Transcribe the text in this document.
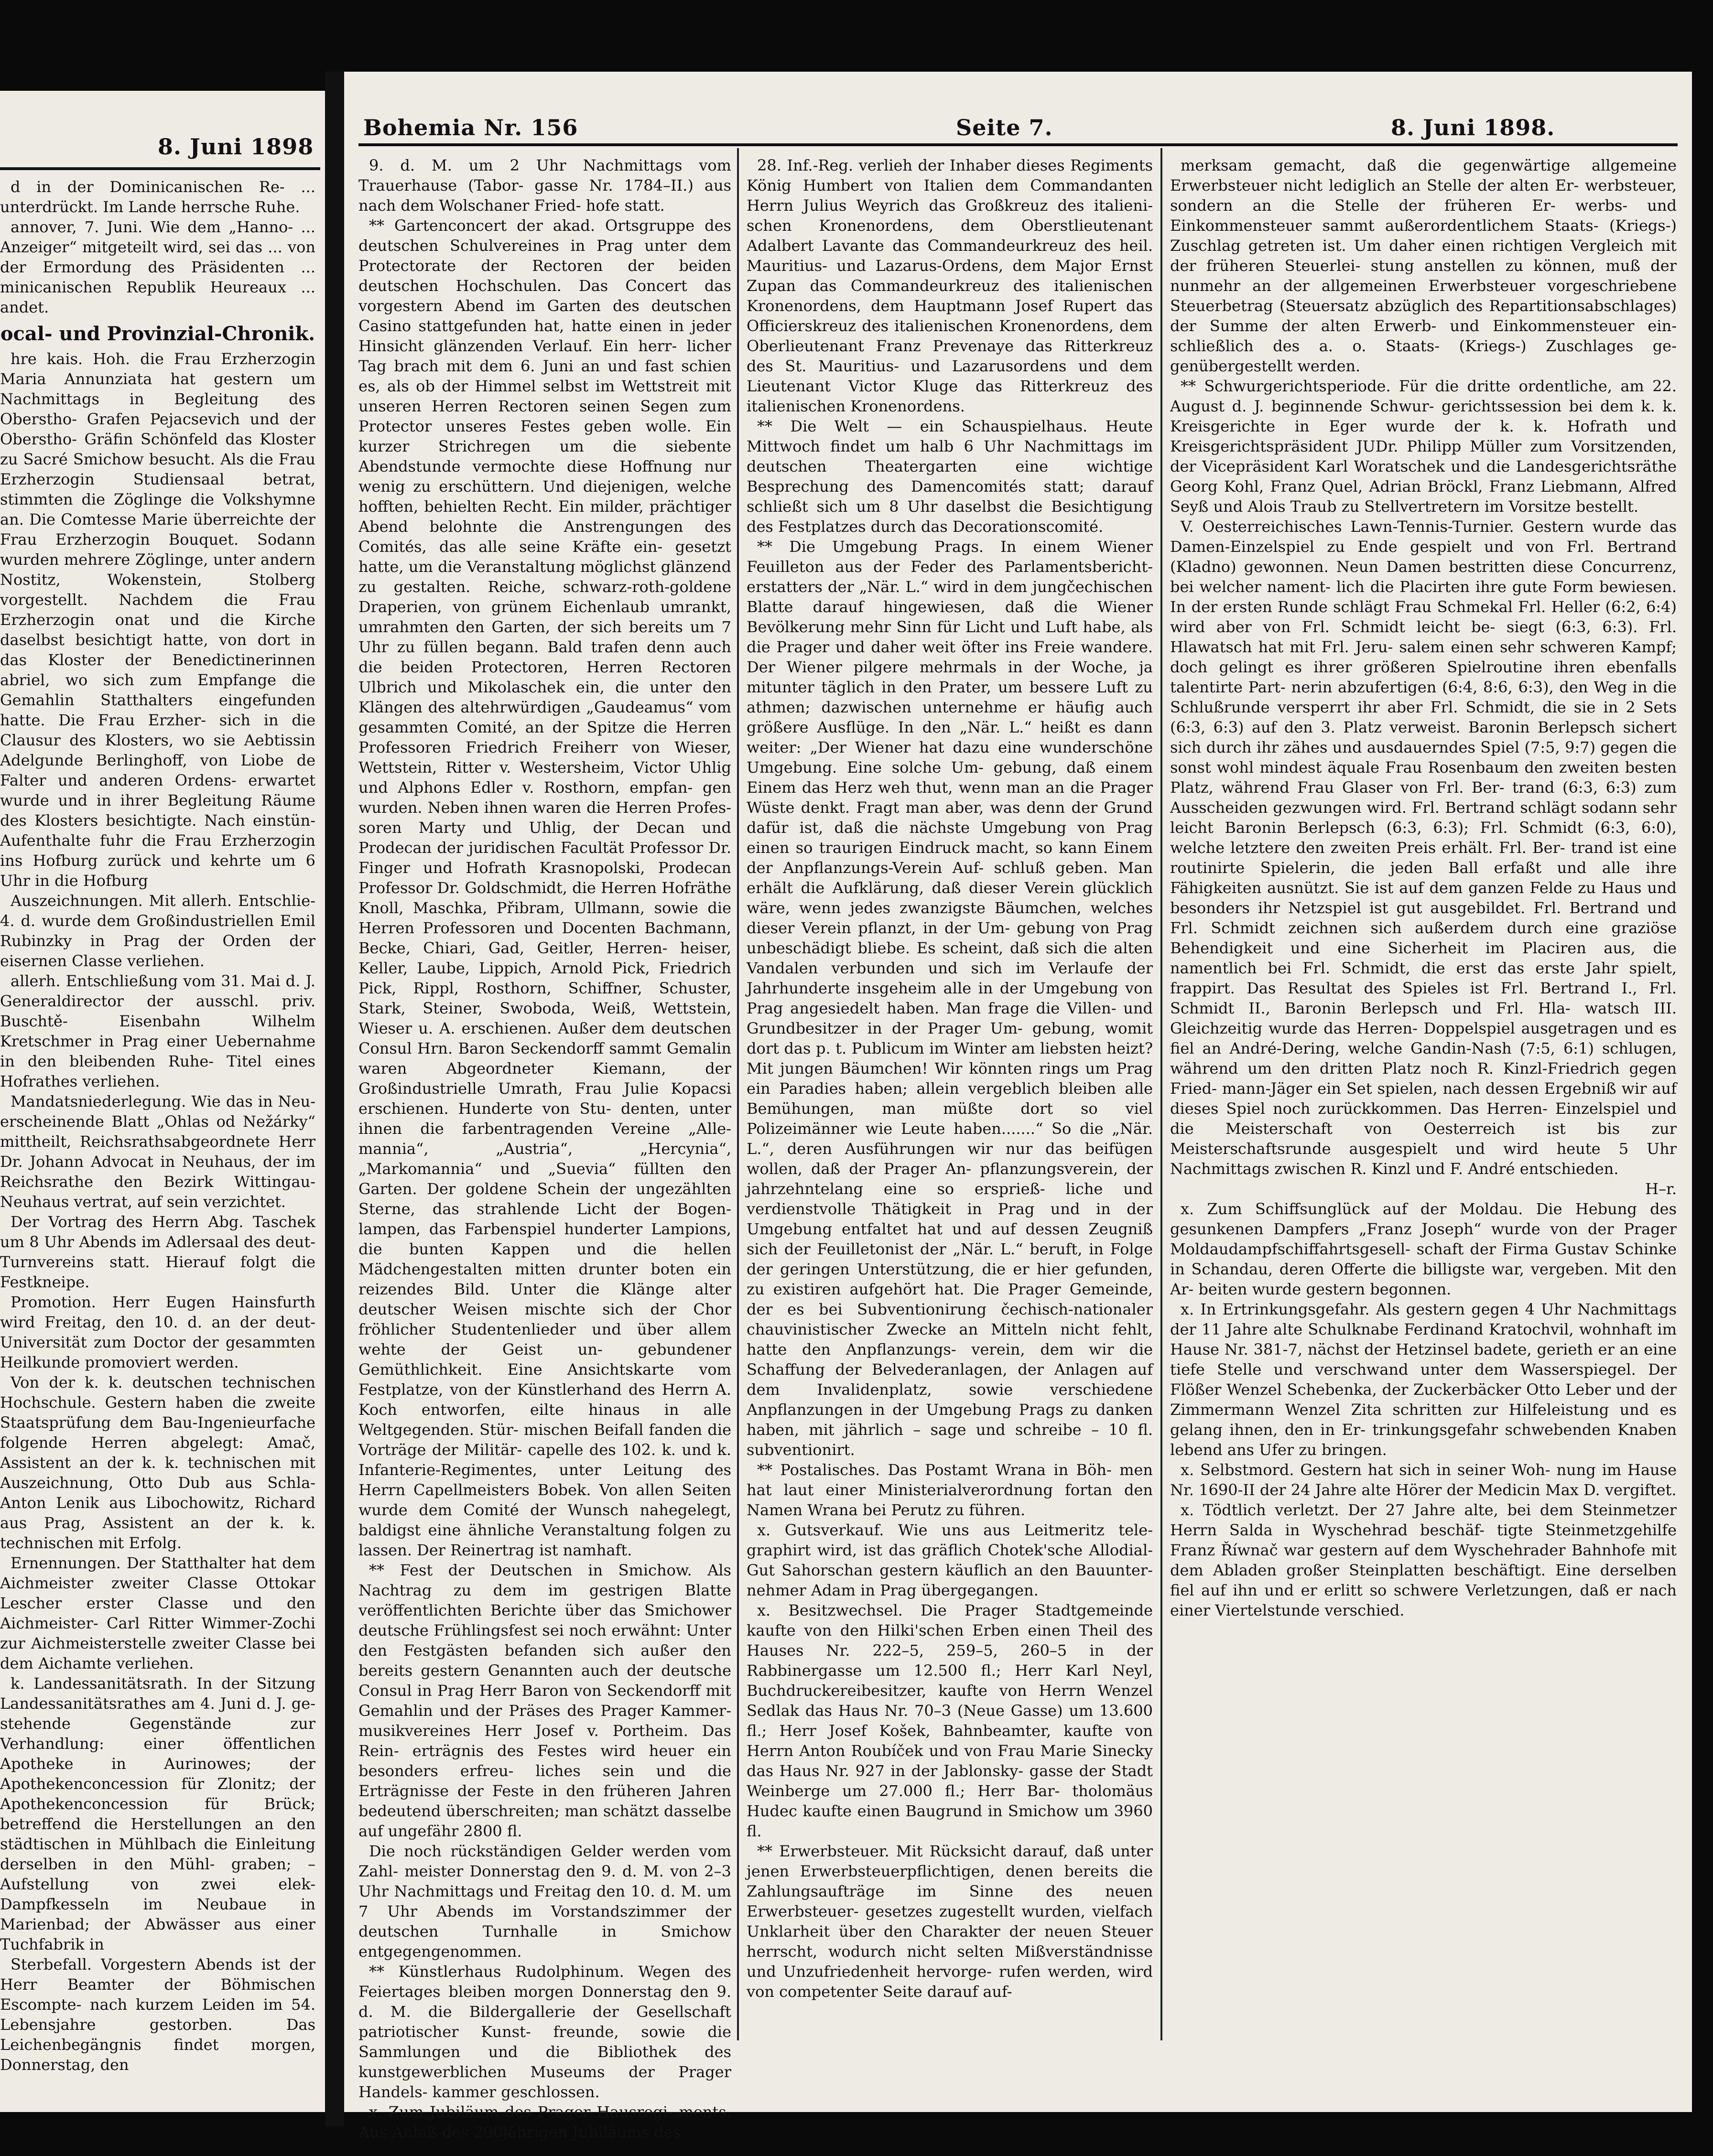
8. Juni 1898

d in der Dominicanischen Re- ... unterdrückt. Im Lande herrsche Ruhe.

annover, 7. Juni. Wie dem „Hanno- ... Anzeiger“ mitgeteilt wird, sei das ... von der Ermordung des Präsidenten ... minicanischen Republik Heureaux ... andet.

ocal- und Provinzial-Chronik.

hre kais. Hoh. die Frau Erzherzogin Maria Annunziata hat gestern um Nachmittags in Begleitung des Oberstho- Grafen Pejacsevich und der Oberstho- Gräfin Schönfeld das Kloster zu Sacré Smichow besucht. Als die Frau Erzherzogin Studiensaal betrat, stimmten die Zöglinge die Volkshymne an. Die Comtesse Marie überreichte der Frau Erzherzogin Bouquet. Sodann wurden mehrere Zöglinge, unter andern Nostitz, Wokenstein, Stolberg vorgestellt. Nachdem die Frau Erzherzogin onat und die Kirche daselbst besichtigt hatte, von dort in das Kloster der Benedictinerinnen abriel, wo sich zum Empfange die Gemahlin Statthalters eingefunden hatte. Die Frau Erzher- sich in die Clausur des Klosters, wo sie Aebtissin Adelgunde Berlinghoff, von Liobe de Falter und anderen Ordens- erwartet wurde und in ihrer Begleitung Räume des Klosters besichtigte. Nach einstün- Aufenthalte fuhr die Frau Erzherzogin ins Hofburg zurück und kehrte um 6 Uhr in die Hofburg

Auszeichnungen. Mit allerh. Entschlie- 4. d. wurde dem Großindustriellen Emil Rubinzky in Prag der Orden der eisernen Classe verliehen.

allerh. Entschließung vom 31. Mai d. J. Generaldirector der ausschl. priv. Buschtě- Eisenbahn Wilhelm Kretschmer in Prag einer Uebernahme in den bleibenden Ruhe- Titel eines Hofrathes verliehen.

Mandatsniederlegung. Wie das in Neu- erscheinende Blatt „Ohlas od Nežárky“ mittheilt, Reichsrathsabgeordnete Herr Dr. Johann Advocat in Neuhaus, der im Reichsrathe den Bezirk Wittingau-Neuhaus vertrat, auf sein verzichtet.

Der Vortrag des Herrn Abg. Taschek um 8 Uhr Abends im Adlersaal des deut- Turnvereins statt. Hierauf folgt die Festkneipe.

Promotion. Herr Eugen Hainsfurth wird Freitag, den 10. d. an der deut- Universität zum Doctor der gesammten Heilkunde promoviert werden.

Von der k. k. deutschen technischen Hochschule. Gestern haben die zweite Staatsprüfung dem Bau-Ingenieurfache folgende Herren abgelegt: Amač, Assistent an der k. k. technischen mit Auszeichnung, Otto Dub aus Schla- Anton Lenik aus Libochowitz, Richard aus Prag, Assistent an der k. k. technischen mit Erfolg.

Ernennungen. Der Statthalter hat dem Aichmeister zweiter Classe Ottokar Lescher erster Classe und den Aichmeister- Carl Ritter Wimmer-Zochi zur Aichmeisterstelle zweiter Classe bei dem Aichamte verliehen.

k. Landessanitätsrath. In der Sitzung Landessanitätsrathes am 4. Juni d. J. ge- stehende Gegenstände zur Verhandlung: einer öffentlichen Apotheke in Aurinowes; der Apothekenconcession für Zlonitz; der Apothekenconcession für Brück; betreffend die Herstellungen an den städtischen in Mühlbach die Einleitung derselben in den Mühl- graben; – Aufstellung von zwei elek- Dampfkesseln im Neubaue in Marienbad; der Abwässer aus einer Tuchfabrik in

Sterbefall. Vorgestern Abends ist der Herr Beamter der Böhmischen Escompte- nach kurzem Leiden im 54. Lebensjahre gestorben. Das Leichenbegängnis findet morgen, Donnerstag, den

Bohemia Nr. 156	Seite 7.	8. Juni 1898.

9. d. M. um 2 Uhr Nachmittags vom Trauerhause (Tabor- gasse Nr. 1784–II.) aus nach dem Wolschaner Fried- hofe statt.

** Gartenconcert der akad. Ortsgruppe des deutschen Schulvereines in Prag unter dem Protectorate der Rectoren der beiden deutschen Hochschulen. Das Concert das vorgestern Abend im Garten des deutschen Casino stattgefunden hat, hatte einen in jeder Hinsicht glänzenden Verlauf. Ein herr- licher Tag brach mit dem 6. Juni an und fast schien es, als ob der Himmel selbst im Wettstreit mit unseren Herren Rectoren seinen Segen zum Protector unseres Festes geben wolle. Ein kurzer Strichregen um die siebente Abendstunde vermochte diese Hoffnung nur wenig zu erschüttern. Und diejenigen, welche hofften, behielten Recht. Ein milder, prächtiger Abend belohnte die Anstrengungen des Comités, das alle seine Kräfte ein- gesetzt hatte, um die Veranstaltung möglichst glänzend zu gestalten. Reiche, schwarz-roth-goldene Draperien, von grünem Eichenlaub umrankt, umrahmten den Garten, der sich bereits um 7 Uhr zu füllen begann. Bald trafen denn auch die beiden Protectoren, Herren Rectoren Ulbrich und Mikolaschek ein, die unter den Klängen des altehrwürdigen „Gaudeamus“ vom gesammten Comité, an der Spitze die Herren Professoren Friedrich Freiherr von Wieser, Wettstein, Ritter v. Westersheim, Victor Uhlig und Alphons Edler v. Rosthorn, empfan- gen wurden. Neben ihnen waren die Herren Profes- soren Marty und Uhlig, der Decan und Prodecan der juridischen Facultät Professor Dr. Finger und Hofrath Krasnopolski, Prodecan Professor Dr. Goldschmidt, die Herren Hofräthe Knoll, Maschka, Přibram, Ullmann, sowie die Herren Professoren und Docenten Bachmann, Becke, Chiari, Gad, Geitler, Herren- heiser, Keller, Laube, Lippich, Arnold Pick, Friedrich Pick, Rippl, Rosthorn, Schiffner, Schuster, Stark, Steiner, Swoboda, Weiß, Wettstein, Wieser u. A. erschienen. Außer dem deutschen Consul Hrn. Baron Seckendorff sammt Gemalin waren Abgeordneter Kiemann, der Großindustrielle Umrath, Frau Julie Kopacsi erschienen. Hunderte von Stu- denten, unter ihnen die farbentragenden Vereine „Alle- mannia“, „Austria“, „Hercynia“, „Markomannia“ und „Suevia“ füllten den Garten. Der goldene Schein der ungezählten Sterne, das strahlende Licht der Bogen- lampen, das Farbenspiel hunderter Lampions, die bunten Kappen und die hellen Mädchengestalten mitten drunter boten ein reizendes Bild. Unter die Klänge alter deutscher Weisen mischte sich der Chor fröhlicher Studentenlieder und über allem wehte der Geist un- gebundener Gemüthlichkeit. Eine Ansichtskarte vom Festplatze, von der Künstlerhand des Herrn A. Koch entworfen, eilte hinaus in alle Weltgegenden. Stür- mischen Beifall fanden die Vorträge der Militär- capelle des 102. k. und k. Infanterie-Regimentes, unter Leitung des Herrn Capellmeisters Bobek. Von allen Seiten wurde dem Comité der Wunsch nahegelegt, baldigst eine ähnliche Veranstaltung folgen zu lassen. Der Reinertrag ist namhaft.

** Fest der Deutschen in Smichow. Als Nachtrag zu dem im gestrigen Blatte veröffentlichten Berichte über das Smichower deutsche Frühlingsfest sei noch erwähnt: Unter den Festgästen befanden sich außer den bereits gestern Genannten auch der deutsche Consul in Prag Herr Baron von Seckendorff mit Gemahlin und der Präses des Prager Kammer- musikvereines Herr Josef v. Portheim. Das Rein- erträgnis des Festes wird heuer ein besonders erfreu- liches sein und die Erträgnisse der Feste in den früheren Jahren bedeutend überschreiten; man schätzt dasselbe auf ungefähr 2800 fl.

Die noch rückständigen Gelder werden vom Zahl- meister Donnerstag den 9. d. M. von 2–3 Uhr Nachmittags und Freitag den 10. d. M. um 7 Uhr Abends im Vorstandszimmer der deutschen Turnhalle in Smichow entgegengenommen.

** Künstlerhaus Rudolphinum. Wegen des Feiertages bleiben morgen Donnerstag den 9. d. M. die Bildergallerie der Gesellschaft patriotischer Kunst- freunde, sowie die Sammlungen und die Bibliothek des kunstgewerblichen Museums der Prager Handels- kammer geschlossen.

x. Zum Jubiläum des Prager Hausregi- ments. Aus Anlaß des 200jährigen Jubiläums des

28. Inf.-Reg. verlieh der Inhaber dieses Regiments König Humbert von Italien dem Commandanten Herrn Julius Weyrich das Großkreuz des italieni- schen Kronenordens, dem Oberstlieutenant Adalbert Lavante das Commandeurkreuz des heil. Mauritius- und Lazarus-Ordens, dem Major Ernst Zupan das Commandeurkreuz des italienischen Kronenordens, dem Hauptmann Josef Rupert das Officierskreuz des italienischen Kronenordens, dem Oberlieutenant Franz Prevenaye das Ritterkreuz des St. Mauritius- und Lazarusordens und dem Lieutenant Victor Kluge das Ritterkreuz des italienischen Kronenordens.

** Die Welt — ein Schauspielhaus. Heute Mittwoch findet um halb 6 Uhr Nachmittags im deutschen Theatergarten eine wichtige Besprechung des Damencomités statt; darauf schließt sich um 8 Uhr daselbst die Besichtigung des Festplatzes durch das Decorationscomité.

** Die Umgebung Prags. In einem Wiener Feuilleton aus der Feder des Parlamentsbericht- erstatters der „När. L.“ wird in dem jungčechischen Blatte darauf hingewiesen, daß die Wiener Bevölkerung mehr Sinn für Licht und Luft habe, als die Prager und daher weit öfter ins Freie wandere. Der Wiener pilgere mehrmals in der Woche, ja mitunter täglich in den Prater, um bessere Luft zu athmen; dazwischen unternehme er häufig auch größere Ausflüge. In den „När. L.“ heißt es dann weiter: „Der Wiener hat dazu eine wunderschöne Umgebung. Eine solche Um- gebung, daß einem Einem das Herz weh thut, wenn man an die Prager Wüste denkt. Fragt man aber, was denn der Grund dafür ist, daß die nächste Umgebung von Prag einen so traurigen Eindruck macht, so kann Einem der Anpflanzungs-Verein Auf- schluß geben. Man erhält die Aufklärung, daß dieser Verein glücklich wäre, wenn jedes zwanzigste Bäumchen, welches dieser Verein pflanzt, in der Um- gebung von Prag unbeschädigt bliebe. Es scheint, daß sich die alten Vandalen verbunden und sich im Verlaufe der Jahrhunderte insgeheim alle in der Umgebung von Prag angesiedelt haben. Man frage die Villen- und Grundbesitzer in der Prager Um- gebung, womit dort das p. t. Publicum im Winter am liebsten heizt? Mit jungen Bäumchen! Wir könnten rings um Prag ein Paradies haben; allein vergeblich bleiben alle Bemühungen, man müßte dort so viel Polizeimänner wie Leute haben.......“ So die „När. L.“, deren Ausführungen wir nur das beifügen wollen, daß der Prager An- pflanzungsverein, der jahrzehntelang eine so ersprieß- liche und verdienstvolle Thätigkeit in Prag und in der Umgebung entfaltet hat und auf dessen Zeugniß sich der Feuilletonist der „När. L.“ beruft, in Folge der geringen Unterstützung, die er hier gefunden, zu existiren aufgehört hat. Die Prager Gemeinde, der es bei Subventionirung čechisch-nationaler chauvinistischer Zwecke an Mitteln nicht fehlt, hatte den Anpflanzungs- verein, dem wir die Schaffung der Belvederanlagen, der Anlagen auf dem Invalidenplatz, sowie verschiedene Anpflanzungen in der Umgebung Prags zu danken haben, mit jährlich – sage und schreibe – 10 fl. subventionirt.

** Postalisches. Das Postamt Wrana in Böh- men hat laut einer Ministerialverordnung fortan den Namen Wrana bei Perutz zu führen.

x. Gutsverkauf. Wie uns aus Leitmeritz tele- graphirt wird, ist das gräflich Chotek'sche Allodial- Gut Sahorschan gestern käuflich an den Bauunter- nehmer Adam in Prag übergegangen.

x. Besitzwechsel. Die Prager Stadtgemeinde kaufte von den Hilki'schen Erben einen Theil des Hauses Nr. 222–5, 259–5, 260–5 in der Rabbinergasse um 12.500 fl.; Herr Karl Neyl, Buchdruckereibesitzer, kaufte von Herrn Wenzel Sedlak das Haus Nr. 70–3 (Neue Gasse) um 13.600 fl.; Herr Josef Košek, Bahnbeamter, kaufte von Herrn Anton Roubíček und von Frau Marie Sinecky das Haus Nr. 927 in der Jablonsky- gasse der Stadt Weinberge um 27.000 fl.; Herr Bar- tholomäus Hudec kaufte einen Baugrund in Smichow um 3960 fl.

** Erwerbsteuer. Mit Rücksicht darauf, daß unter jenen Erwerbsteuerpflichtigen, denen bereits die Zahlungsaufträge im Sinne des neuen Erwerbsteuer- gesetzes zugestellt wurden, vielfach Unklarheit über den Charakter der neuen Steuer herrscht, wodurch nicht selten Mißverständnisse und Unzufriedenheit hervorge- rufen werden, wird von competenter Seite darauf auf-

merksam gemacht, daß die gegenwärtige allgemeine Erwerbsteuer nicht lediglich an Stelle der alten Er- werbsteuer, sondern an die Stelle der früheren Er- werbs- und Einkommensteuer sammt außerordentlichem Staats- (Kriegs-) Zuschlag getreten ist. Um daher einen richtigen Vergleich mit der früheren Steuerlei- stung anstellen zu können, muß der nunmehr an der allgemeinen Erwerbsteuer vorgeschriebene Steuerbetrag (Steuersatz abzüglich des Repartitionsabschlages) der Summe der alten Erwerb- und Einkommensteuer ein- schließlich des a. o. Staats- (Kriegs-) Zuschlages ge- genübergestellt werden.

** Schwurgerichtsperiode. Für die dritte ordentliche, am 22. August d. J. beginnende Schwur- gerichtssession bei dem k. k. Kreisgerichte in Eger wurde der k. k. Hofrath und Kreisgerichtspräsident JUDr. Philipp Müller zum Vorsitzenden, der Vicepräsident Karl Woratschek und die Landesgerichtsräthe Georg Kohl, Franz Quel, Adrian Bröckl, Franz Liebmann, Alfred Seyß und Alois Traub zu Stellvertretern im Vorsitze bestellt.

V. Oesterreichisches Lawn-Tennis-Turnier. Gestern wurde das Damen-Einzelspiel zu Ende gespielt und von Frl. Bertrand (Kladno) gewonnen. Neun Damen bestritten diese Concurrenz, bei welcher nament- lich die Placirten ihre gute Form bewiesen. In der ersten Runde schlägt Frau Schmekal Frl. Heller (6:2, 6:4) wird aber von Frl. Schmidt leicht be- siegt (6:3, 6:3). Frl. Hlawatsch hat mit Frl. Jeru- salem einen sehr schweren Kampf; doch gelingt es ihrer größeren Spielroutine ihren ebenfalls talentirte Part- nerin abzufertigen (6:4, 8:6, 6:3), den Weg in die Schlußrunde versperrt ihr aber Frl. Schmidt, die sie in 2 Sets (6:3, 6:3) auf den 3. Platz verweist. Baronin Berlepsch sichert sich durch ihr zähes und ausdauerndes Spiel (7:5, 9:7) gegen die sonst wohl mindest äquale Frau Rosenbaum den zweiten besten Platz, während Frau Glaser von Frl. Ber- trand (6:3, 6:3) zum Ausscheiden gezwungen wird. Frl. Bertrand schlägt sodann sehr leicht Baronin Berlepsch (6:3, 6:3); Frl. Schmidt (6:3, 6:0), welche letztere den zweiten Preis erhält. Frl. Ber- trand ist eine routinirte Spielerin, die jeden Ball erfaßt und alle ihre Fähigkeiten ausnützt. Sie ist auf dem ganzen Felde zu Haus und besonders ihr Netzspiel ist gut ausgebildet. Frl. Bertrand und Frl. Schmidt zeichnen sich außerdem durch eine graziöse Behendigkeit und eine Sicherheit im Placiren aus, die namentlich bei Frl. Schmidt, die erst das erste Jahr spielt, frappirt. Das Resultat des Spieles ist Frl. Bertrand I., Frl. Schmidt II., Baronin Berlepsch und Frl. Hla- watsch III. Gleichzeitig wurde das Herren- Doppelspiel ausgetragen und es fiel an André-Dering, welche Gandin-Nash (7:5, 6:1) schlugen, während um den dritten Platz noch R. Kinzl-Friedrich gegen Fried- mann-Jäger ein Set spielen, nach dessen Ergebniß wir auf dieses Spiel noch zurückkommen. Das Herren- Einzelspiel und die Meisterschaft von Oesterreich ist bis zur Meisterschaftsrunde ausgespielt und wird heute 5 Uhr Nachmittags zwischen R. Kinzl und F. André entschieden.

H–r.

x. Zum Schiffsunglück auf der Moldau. Die Hebung des gesunkenen Dampfers „Franz Joseph“ wurde von der Prager Moldaudampfschiffahrtsgesell- schaft der Firma Gustav Schinke in Schandau, deren Offerte die billigste war, vergeben. Mit den Ar- beiten wurde gestern begonnen.

x. In Ertrinkungsgefahr. Als gestern gegen 4 Uhr Nachmittags der 11 Jahre alte Schulknabe Ferdinand Kratochvil, wohnhaft im Hause Nr. 381-7, nächst der Hetzinsel badete, gerieth er an eine tiefe Stelle und verschwand unter dem Wasserspiegel. Der Flößer Wenzel Schebenka, der Zuckerbäcker Otto Leber und der Zimmermann Wenzel Zita schritten zur Hilfeleistung und es gelang ihnen, den in Er- trinkungsgefahr schwebenden Knaben lebend ans Ufer zu bringen.

x. Selbstmord. Gestern hat sich in seiner Woh- nung im Hause Nr. 1690-II der 24 Jahre alte Hörer der Medicin Max D. vergiftet.

x. Tödtlich verletzt. Der 27 Jahre alte, bei dem Steinmetzer Herrn Salda in Wyschehrad beschäf- tigte Steinmetzgehilfe Franz Říwnač war gestern auf dem Wyschehrader Bahnhofe mit dem Abladen großer Steinplatten beschäftigt. Eine derselben fiel auf ihn und er erlitt so schwere Verletzungen, daß er nach einer Viertelstunde verschied.
